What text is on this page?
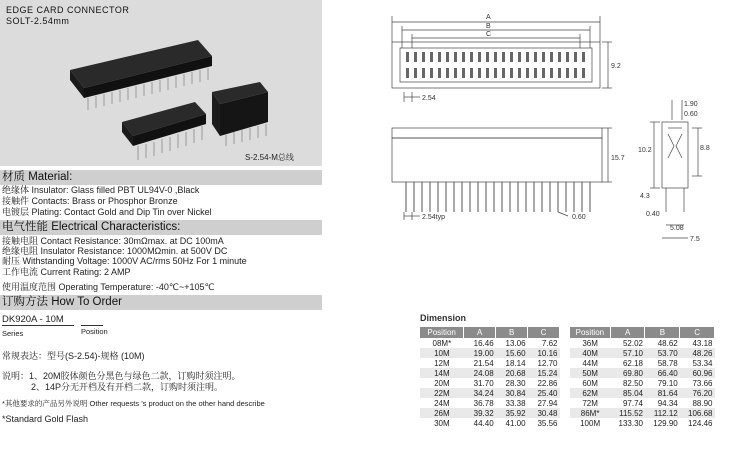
EDGE CARD CONNECTOR
SOLT-2.54mm
S-2.54-M总线
材质 Material:
绝缘体 Insulator: Glass filled PBT UL94V-0 ,Black
接触件 Contacts: Brass or Phosphor Bronze
电镀层 Plating: Contact Gold and Dip Tin over Nickel
电气性能 Electrical Characteristics:
接触电阻 Contact Resistance: 30mΩmax. at DC 100mA
绝缘电阻 Insulator Resistance: 1000MΩmin. at 500V DC
耐压 Withstanding Voltage: 1000V AC/rms 50Hz For 1 minute
工作电流 Current Rating: 2 AMP
使用温度范围 Operating Temperature: -40℃~+105℃
订购方法 How To Order
DK920A - 10M
Series	Position
常规表达：型号(S-2.54)-规格 (10M)
说明：1、20M胶体颜色分黑色与绿色二款，订购时须注明。
2、14P分无开档及有开档二款，订购时须注明。
*其他要求的产品另外说明 Other requests 's product on the other hand describe
*Standard Gold Flash
A
B
C
9.2
2.54
15.7
2.54typ	0.60
1.90
0.60
10.2	8.8
4.3
0.40
5.08
7.5
Dimension
Position	A	B	C
08M*	16.46	13.06	7.62
10M	19.00	15.60	10.16
12M	21.54	18.14	12.70
14M	24.08	20.68	15.24
20M	31.70	28.30	22.86
22M	34.24	30.84	25.40
24M	36.78	33.38	27.94
26M	39.32	35.92	30.48
30M	44.40	41.00	35.56
Position	A	B	C
36M	52.02	48.62	43.18
40M	57.10	53.70	48.26
44M	62.18	58.78	53.34
50M	69.80	66.40	60.96
60M	82.50	79.10	73.66
62M	85.04	81.64	76.20
72M	97.74	94.34	88.90
86M*	115.52	112.12	106.68
100M	133.30	129.90	124.46
